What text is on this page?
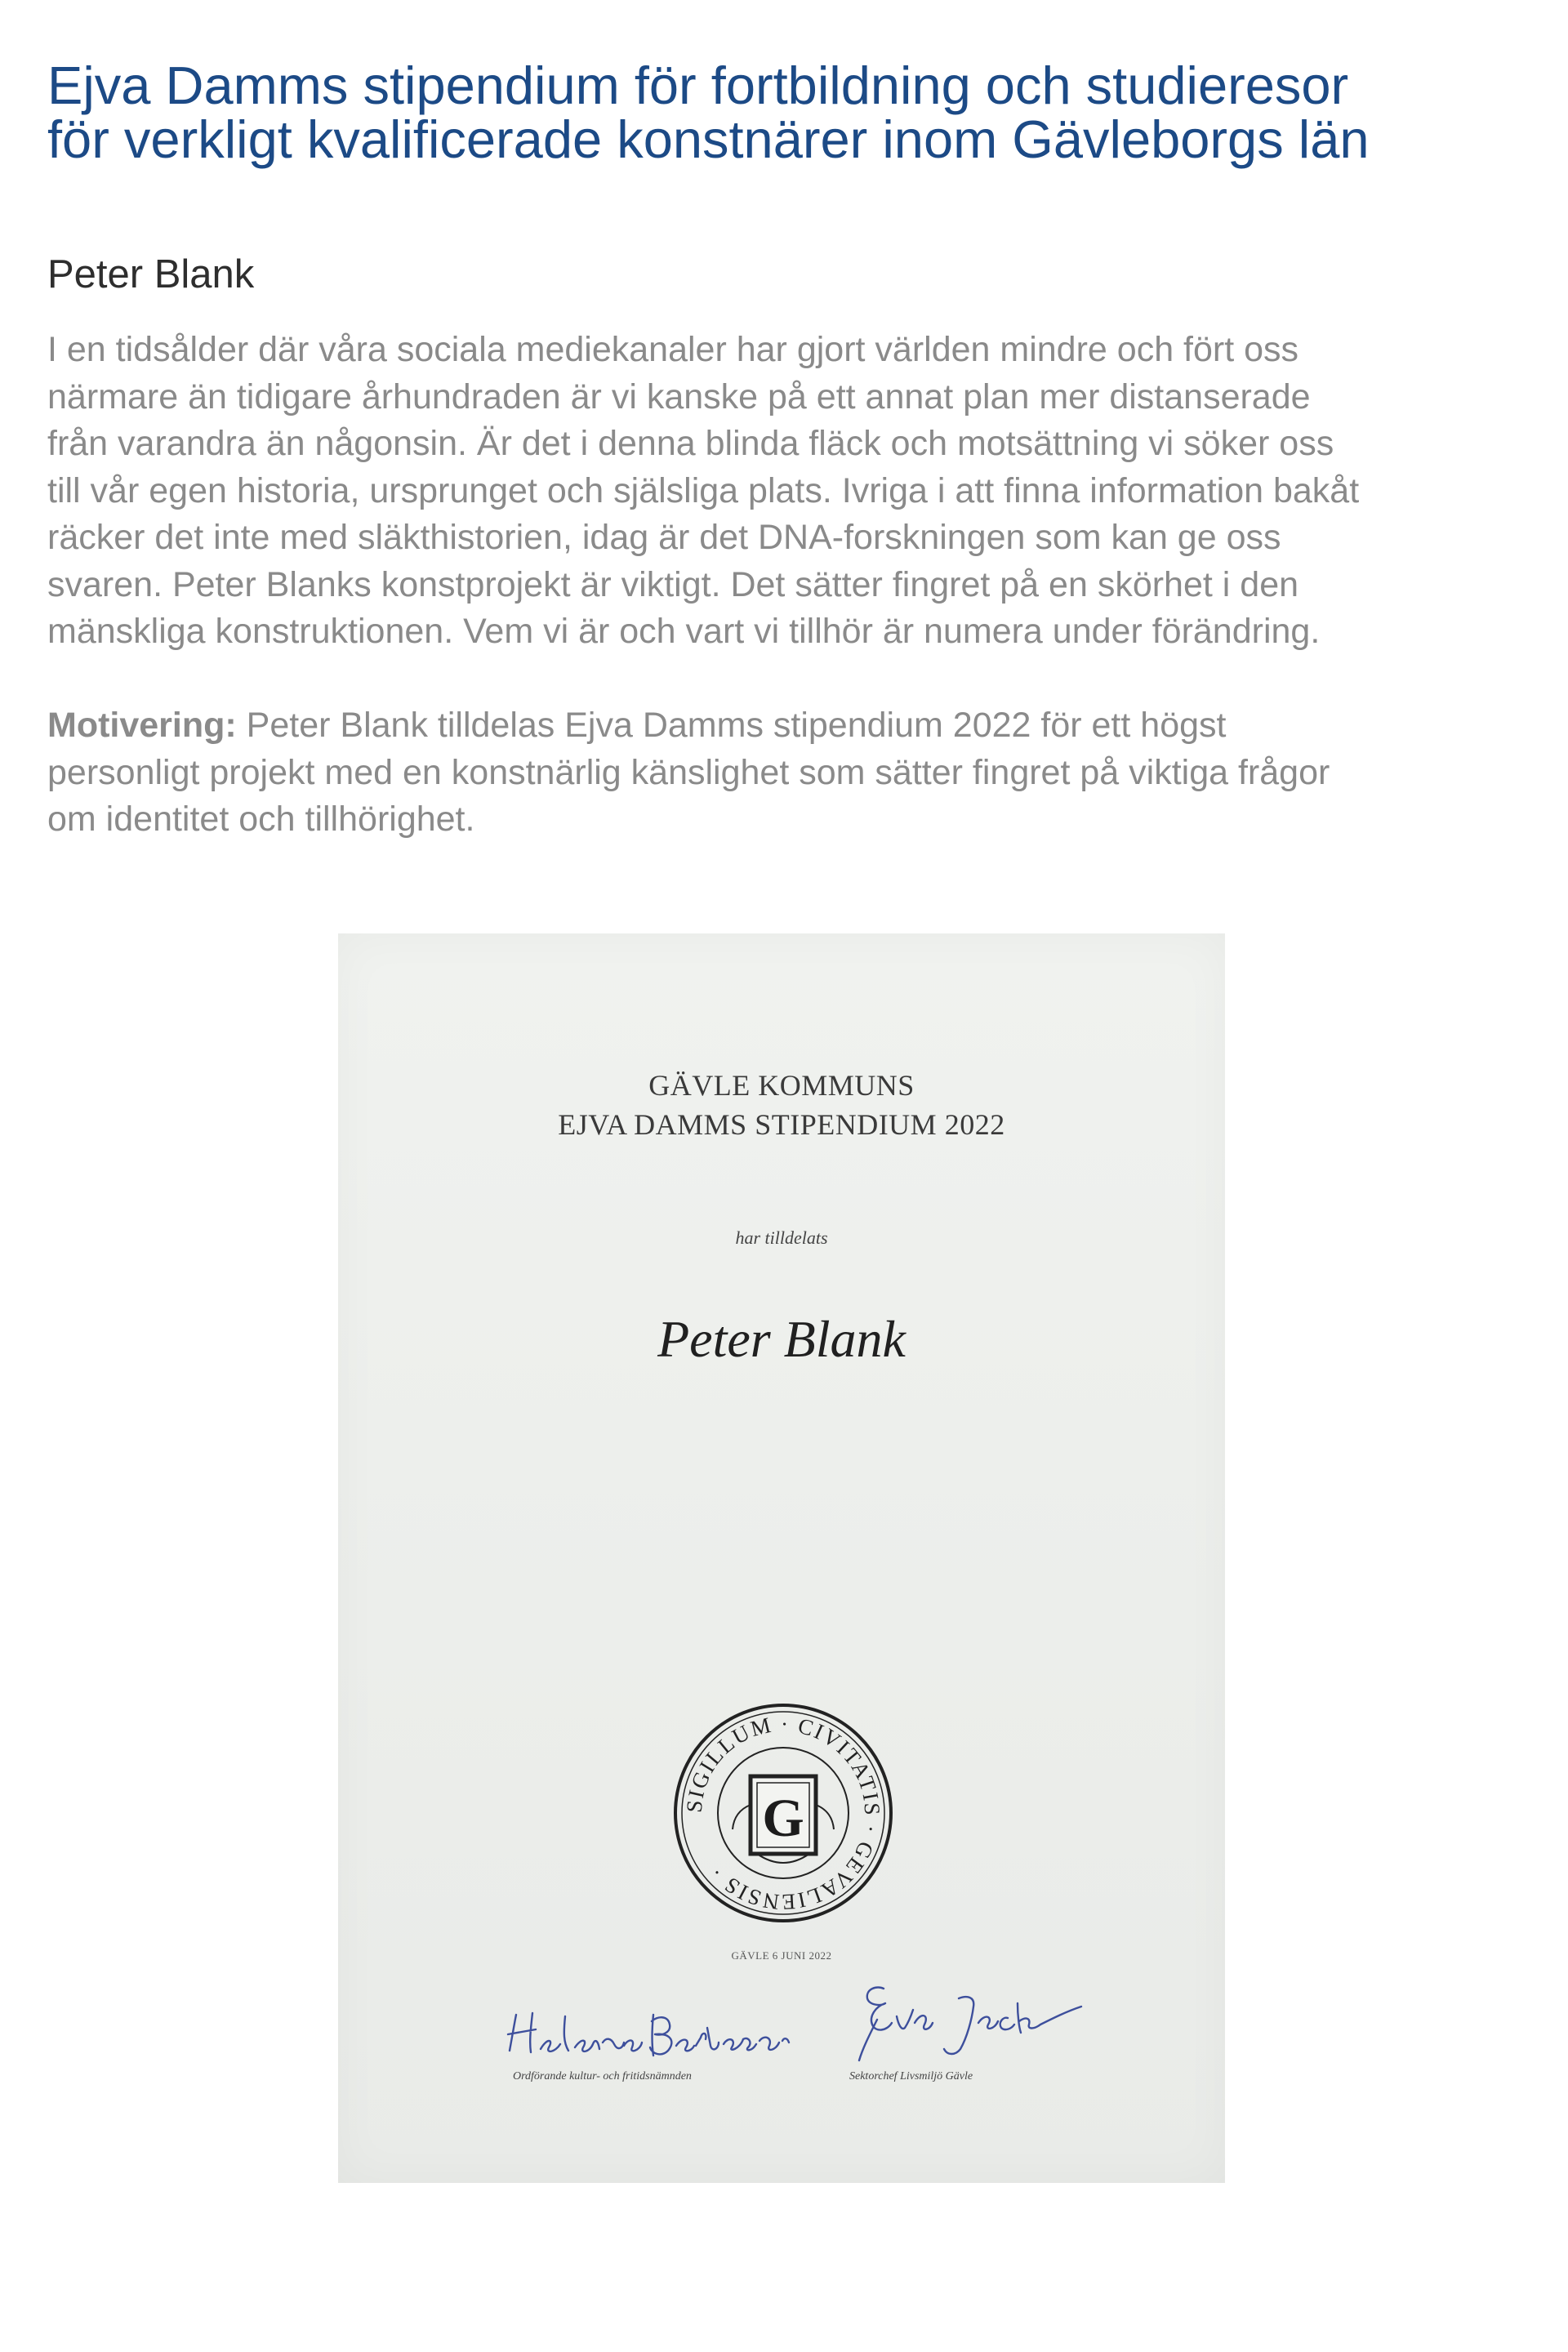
Ejva Damms stipendium för fortbildning och studieresor
för verkligt kvalificerade konstnärer inom Gävleborgs län
Peter Blank
I en tidsålder där våra sociala mediekanaler har gjort världen mindre och fört oss
närmare än tidigare århundraden är vi kanske på ett annat plan mer distanserade
från varandra än någonsin. Är det i denna blinda fläck och motsättning vi söker oss
till vår egen historia, ursprunget och själsliga plats. Ivriga i att finna information bakåt
räcker det inte med släkthistorien, idag är det DNA-forskningen som kan ge oss
svaren. Peter Blanks konstprojekt är viktigt. Det sätter fingret på en skörhet i den
mänskliga konstruktionen. Vem vi är och vart vi tillhör är numera under förändring.
Motivering: Peter Blank tilldelas Ejva Damms stipendium 2022 för ett högst
personligt projekt med en konstnärlig känslighet som sätter fingret på viktiga frågor
om identitet och tillhörighet.
GÄVLE KOMMUNS
EJVA DAMMS STIPENDIUM 2022
har tilldelats
Peter Blank
SIGILLUM · CIVITATIS · GEVALIENSIS ·
G
GÄVLE 6 JUNI 2022
Ordförande kultur- och fritidsnämnden	Sektorchef Livsmiljö Gävle
